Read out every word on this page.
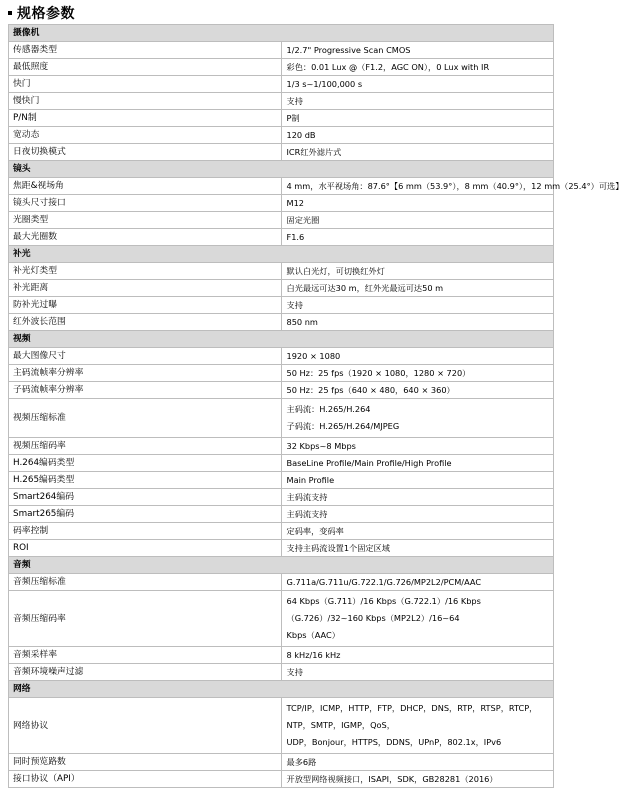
规格参数
摄像机	
传感器类型	1/2.7" Progressive Scan CMOS
最低照度	彩色：0.01 Lux @（F1.2，AGC ON），0 Lux with IR
快门	1/3 s~1/100,000 s
慢快门	支持
P/N制	P制
宽动态	120 dB
日夜切换模式	ICR红外滤片式
镜头	
焦距&视场角	4 mm，水平视场角：87.6°【6 mm（53.9°），8 mm（40.9°），12 mm（25.4°）可选】
镜头尺寸接口	M12
光圈类型	固定光圈
最大光圈数	F1.6
补光	
补光灯类型	默认白光灯，可切换红外灯
补光距离	白光最远可达30 m，红外光最远可达50 m
防补光过曝	支持
红外波长范围	850 nm
视频	
最大图像尺寸	1920 × 1080
主码流帧率分辨率	50 Hz：25 fps（1920 × 1080，1280 × 720）
子码流帧率分辨率	50 Hz：25 fps（640 × 480，640 × 360）
视频压缩标准	主码流：H.265/H.264
子码流：H.265/H.264/MJPEG

视频压缩码率	32 Kbps~8 Mbps
H.264编码类型	BaseLine Profile/Main Profile/High Profile
H.265编码类型	Main Profile
Smart264编码	主码流支持
Smart265编码	主码流支持
码率控制	定码率，变码率
ROI	支持主码流设置1个固定区域
音频	
音频压缩标准	G.711a/G.711u/G.722.1/G.726/MP2L2/PCM/AAC
音频压缩码率	64 Kbps（G.711）/16 Kbps（G.722.1）/16 Kbps（G.726）/32~160 Kbps（MP2L2）/16~64
Kbps（AAC）

音频采样率	8 kHz/16 kHz
音频环境噪声过滤	支持
网络	
网络协议	TCP/IP，ICMP，HTTP，FTP，DHCP，DNS，RTP，RTSP，RTCP，NTP，SMTP，IGMP，QoS，
UDP，Bonjour，HTTPS，DDNS，UPnP，802.1x，IPv6

同时预览路数	最多6路
接口协议（API）	开放型网络视频接口，ISAPI，SDK，GB28281（2016）
